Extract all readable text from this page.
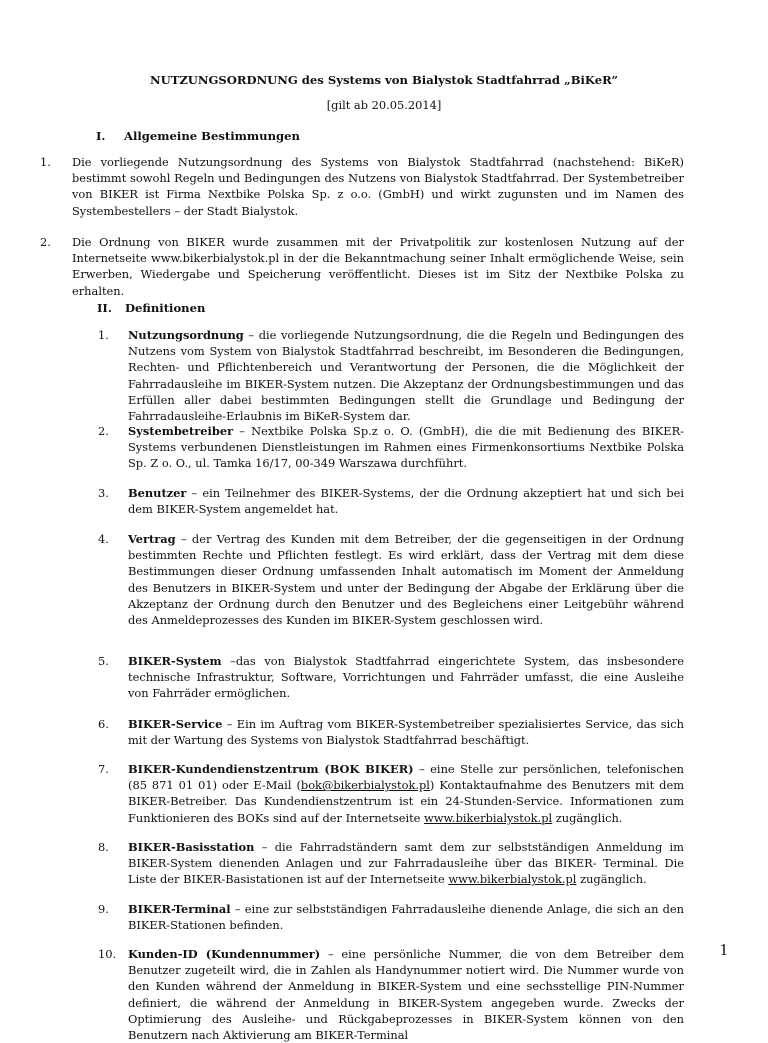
NUTZUNGSORDNUNG des Systems von Bialystok Stadtfahrrad „BiKeR”
[gilt ab 20.05.2014]
I. Allgemeine Bestimmungen
1. Die vorliegende Nutzungsordnung des Systems von Bialystok Stadtfahrrad (nachstehend: BiKeR) bestimmt sowohl Regeln und Bedingungen des Nutzens von Bialystok Stadtfahrrad. Der Systembetreiber von BIKER ist Firma Nextbike Polska Sp. z o.o. (GmbH) und wirkt zugunsten und im Namen des Systembestellers – der Stadt Bialystok.
2. Die Ordnung von BIKER wurde zusammen mit der Privatpolitik zur kostenlosen Nutzung auf der Internetseite www.bikerbialystok.pl in der die Bekanntmachung seiner Inhalt ermöglichende Weise, sein Erwerben, Wiedergabe und Speicherung veröffentlicht. Dieses ist im Sitz der Nextbike Polska zu erhalten.
II. Definitionen
1. Nutzungsordnung – die vorliegende Nutzungsordnung, die die Regeln und Bedingungen des Nutzens vom System von Bialystok Stadtfahrrad beschreibt, im Besonderen die Bedingungen, Rechten- und Pflichtenbereich und Verantwortung der Personen, die die Möglichkeit der Fahrradausleihe im BIKER-System nutzen. Die Akzeptanz der Ordnungsbestimmungen und das Erfüllen aller dabei bestimmten Bedingungen stellt die Grundlage und Bedingung der Fahrradausleihe-Erlaubnis im BiKeR-System dar.
2. Systembetreiber – Nextbike Polska Sp.z o. O. (GmbH), die die mit Bedienung des BIKER-Systems verbundenen Dienstleistungen im Rahmen eines Firmenkonsortiums Nextbike Polska Sp. Z o. O., ul. Tamka 16/17, 00-349 Warszawa durchführt.
3. Benutzer – ein Teilnehmer des BIKER-Systems, der die Ordnung akzeptiert hat und sich bei dem BIKER-System angemeldet hat.
4. Vertrag – der Vertrag des Kunden mit dem Betreiber, der die gegenseitigen in der Ordnung bestimmten Rechte und Pflichten festlegt. Es wird erklärt, dass der Vertrag mit dem diese Bestimmungen dieser Ordnung umfassenden Inhalt automatisch im Moment der Anmeldung des Benutzers in BIKER-System und unter der Bedingung der Abgabe der Erklärung über die Akzeptanz der Ordnung durch den Benutzer und des Begleichens einer Leitgebühr während des Anmeldeprozesses des Kunden im BIKER-System geschlossen wird.
5. BIKER-System –das von Bialystok Stadtfahrrad eingerichtete System, das insbesondere technische Infrastruktur, Software, Vorrichtungen und Fahrräder umfasst, die eine Ausleihe von Fahrräder ermöglichen.
6. BIKER-Service – Ein im Auftrag vom BIKER-Systembetreiber spezialisiertes Service, das sich mit der Wartung des Systems von Bialystok Stadtfahrrad beschäftigt.
7. BIKER-Kundendienstzentrum (BOK BIKER) – eine Stelle zur persönlichen, telefonischen (85 871 01 01) oder E-Mail (bok@bikerbialystok.pl) Kontaktaufnahme des Benutzers mit dem BIKER-Betreiber. Das Kundendienstzentrum ist ein 24-Stunden-Service. Informationen zum Funktionieren des BOKs sind auf der Internetseite www.bikerbialystok.pl zugänglich.
8. BIKER-Basisstation – die Fahrradständern samt dem zur selbstständigen Anmeldung im BIKER-System dienenden Anlagen und zur Fahrradausleihe über das BIKER- Terminal. Die Liste der BIKER-Basistationen ist auf der Internetseite www.bikerbialystok.pl zugänglich.
9. BIKER-Terminal – eine zur selbstständigen Fahrradausleihe dienende Anlage, die sich an den BIKER-Stationen befinden.
10. Kunden-ID (Kundennummer) – eine persönliche Nummer, die von dem Betreiber dem Benutzer zugeteilt wird, die in Zahlen als Handynummer notiert wird. Die Nummer wurde von den Kunden während der Anmeldung in BIKER-System und eine sechsstellige PIN-Nummer definiert, die während der Anmeldung in BIKER-System angegeben wurde. Zwecks der Optimierung des Ausleihe- und Rückgabeprozesses in BIKER-System können von den Benutzern nach Aktivierung am BIKER-Terminal
1
